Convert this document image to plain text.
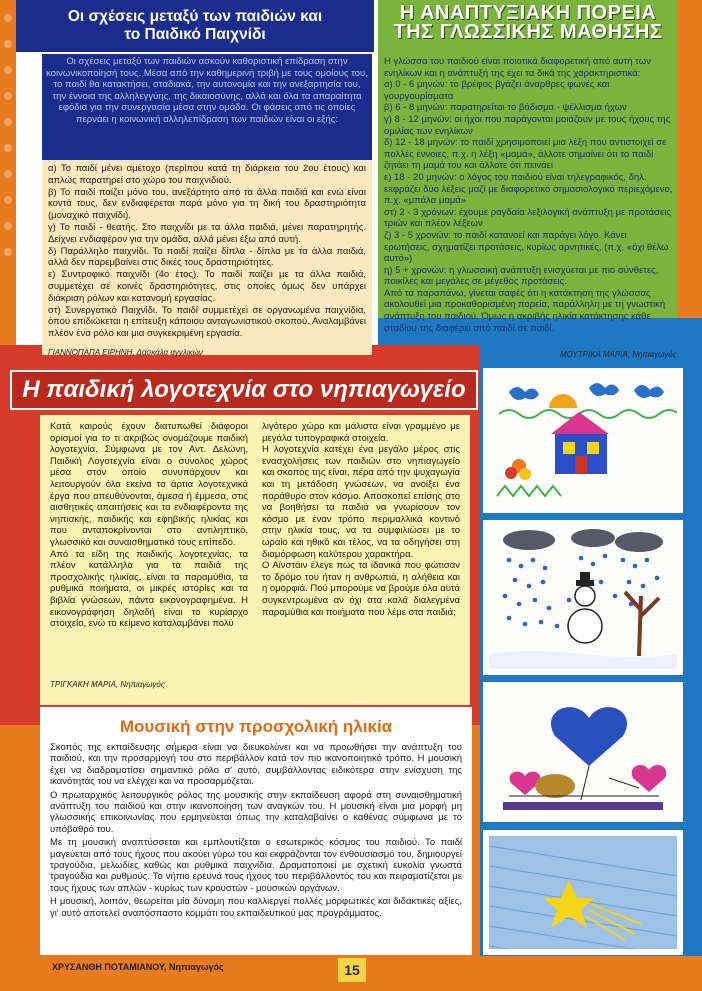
Οι σχέσεις μεταξύ των παιδιών και
το Παιδικό Παιχνίδι
Οι σχέσεις μεταξύ των παιδιών ασκούν καθοριστική επίδραση στην κοινωνικοποίησή τους. Μέσα από την καθημερινή τριβή με τους ομοίους του, το παιδί θα κατακτήσει, σταδιακά, την αυτονομία και την ανεξαρτησία του, την έννοια της αλληλεγγύης, της δικαιοσύνης, αλλά και όλα τα απαραίτητα εφόδια για την συνεργασία μέσα στην ομάδα. Οι φάσεις από τις οποίες περνάει η κοινωνική αλληλεπίδραση των παιδιών είναι οι εξής:

α) Το παιδί μένει αμέτοχο (περίπου κατά τη διάρκεια του 2ου έτους) και απλώς παρατηρεί στο χώρο του παιχνιδιού.

β) Το παιδί παίζει μόνο του, ανεξάρτητο από τα άλλα παιδιά και ενώ είναι κοντά τους, δεν ενδιαφέρεται παρά μόνο για τη δική του δραστηριότητα (μοναχικό παιχνίδι).

γ) Το παιδί - θεατής. Στο παιχνίδι με τα άλλα παιδιά, μένει παρατηρητής. Δείχνει ενδιαφέρον για την ομάδα, αλλά μένει έξω από αυτή.

δ) Παράλληλο παιχνίδι. Το παιδί παίζει δίπλα - δίπλα με τα άλλα παιδιά, αλλά δεν παρεμβαίνει στις δικές τους δραστηριότητες.

ε) Συντροφικό παιχνίδι (4ο έτος). Το παιδί παίζει με τα άλλα παιδιά, συμμετέχει σε κοινές δραστηριότητες, στις οποίες όμως δεν υπάρχει διάκριση ρόλων και κατανομή εργασίας.

στ) Συνεργατικό Παιχνίδι. Το παιδί συμμετέχει σε οργανωμένα παιχνίδια, όπου επιδιώκεται η επίτευξη κάποιου ανταγωνιστικού σκοπού. Αναλαμβάνει πλέον ένα ρόλο και μια συγκεκριμένη εργασία.

ΓΙΑΝΝΟΠΑΠΑ ΕΙΡΗΝΗ, Δασκάλα αγγλικών
Η ΑΝΑΠΤΥΞΙΑΚΗ ΠΟΡΕΙΑ
ΤΗΣ ΓΛΩΣΣΙΚΗΣ ΜΑΘΗΣΗΣ

Η γλώσσα του παιδιού είναι ποιοτικά διαφορετική από αυτή των ενηλίκων και η ανάπτυξή της έχει τα δικά της χαρακτηριστικά:

α) 0 - 6 μηνών: το βρέφος βγάζει άναρθρες φωνές και γουργουρίσματα

β) 6 - 8 μηνών: παρατηρείται το βάδισμα - ψέλλισμα ήχων

γ) 8 - 12 μηνών: οι ήχοι που παράγονται μοιάζουν με τους ήχους της ομιλίας των ενηλίκων

δ) 12 - 18 μηνών: το παιδί χρησιμοποιεί μια λέξη που αντιστοιχεί σε πολλές έννοιες, π.χ. η λέξη «μαμά», άλλοτε σημαίνει ότι το παιδί ζητάει τη μαμά του και άλλοτε ότι πεινάει

ε) 18 - 20 μηνών: ο λόγος του παιδιού είναι τηλεγραφικός, δηλ. εκφράζει δύο λέξεις μαζί με διαφορετικό σημασιολογικό περιεχόμενο, π.χ. «μπάλα μαμά»

στ) 2 - 3 χρόνων: έχουμε ραγδαία λεξιλογική ανάπτυξη με προτάσεις τριών και πλέον λέξεων

ζ) 3 - 5 χρονών: το παιδί κατανοεί και παράγει λόγο. Κάνει ερωτήσεις, σχηματίζει προτάσεις, κυρίως αρνητικές, (π.χ. «όχι θέλω αυτό»)

η) 5 + χρονών: η γλωσσική ανάπτυξη ενισχύεται με πιο σύνθετες, ποικίλες και μεγάλες σε μέγεθος προτάσεις.

Από τα παραπάνω, γίνεται σαφές ότι η κατάκτηση της γλώσσας ακολουθεί μια προκαθορισμένη πορεία, παράλληλη με τη γνωστική ανάπτυξη του παιδιού. Όμως η ακριβής ηλικία κατάκτησης κάθε σταδίου της διαφέρει από παιδί σε παιδί.

ΜΟΥΤΡΙΚΑ ΜΑΡΙΑ, Νηπιαγωγός
Η παιδική λογοτεχνία στο νηπιαγωγείο

Κατά καιρούς έχουν διατυπωθεί διάφοροι ορισμοί για το τι ακριβώς ονομάζουμε παιδική λογοτεχνία. Σύμφωνα με τον Αντ. Δελώνη, Παιδική Λογοτεχνία είναι ο σύνολος χώρος μέσα στον οποίο συνυπάρχουν και λειτουργούν όλα εκείνα τα άρτια λογοτεχνικά έργα που απευθύνονται, άμεσα ή έμμεσα, στις αισθητικές απαιτήσεις και τα ενδιαφέροντα της νηπιακής, παιδικής και εφηβικής ηλικίας και που ανταποκρίνονται στο αντιληπτικό, γλωσσικό και συναισθηματικό τους επίπεδο.

Από τα είδη της παιδικής λογοτεχνίας, τα πλέον κατάλληλα για τα παιδιά της προσχολικής ηλικίας, είναι τα παραμύθια, τα ρυθμικά ποιήματα, οι μικρές ιστορίες και τα βιβλία γνώσεων, πάντα εικονογραφημένα. Η εικονογράφηση δηλαδή είναι το κυρίαρχο στοιχείο, ενώ το κείμενο καταλαμβάνει πολύ

λιγότερο χώρο και μάλιστα είναι γραμμένο με μεγάλα τυπογραφικά στοιχεία.

Η λογοτεχνία κατέχει ένα μεγάλο μέρος στις ενασχολήσεις των παιδιών στο νηπιαγωγείο και σκοπός της είναι, πέρα από την ψυχαγωγία και τη μετάδοση γνώσεων, να ανοίξει ένα παράθυρο στον κόσμο. Αποσκοπεί επίσης στο να βοηθήσει τα παιδιά να γνωρίσουν τον κόσμο με έναν τρόπο περιμαλλικά κοντινό στην ηλικία τους, να τα συμφιλιώσει με το ωραίο και ηθικό και τέλος, να τα οδηγήσει στη διαμόρφωση καλύτερου χαρακτήρα.

Ο Αϊνστάιν έλεγε πως τα ιδανικά που φώτισαν το δρόμο του ήταν η ανθρωπιά, η αλήθεια και η ομορφιά. Πού μπορούμε να βρούμε όλα αυτά συγκεντρωμένα αν όχι στα καλά διαλεγμένα παραμύθια και ποιήματα που λέμε στα παιδιά;

ΤΡΙΓΚΑΚΗ ΜΑΡΙΑ, Νηπιαγωγός
Μουσική στην προσχολική ηλικία

Σκοπός της εκπαίδευσης σήμερα είναι να διευκολύνει και να προωθήσει την ανάπτυξη του παιδιού, και την προσαρμογή του στο περιβάλλον κατά τον πιο ικανοποιητικό τρόπο. Η μουσική έχει να διαδραματίσει σημαντικό ρόλο σ' αυτό, συμβάλλοντας ειδικότερα στην ενίσχυση της ικανότητάς του να ελέγχει και να προσαρμόζεται.

Ο πρωταρχικός λειτουργικός ρόλος της μουσικής στην εκπαίδευση αφορά στη συναισθηματική ανάπτυξη του παιδιού και στην ικανοποίηση των αναγκών του. Η μουσική είναι μια μορφή μη γλωσσικής επικοινωνίας που ερμηνεύεται όπως την καταλαβαίνει ο καθένας σύμφωνα με το υπόβαθρό του.

Με τη μουσική αναπτύσσεται και εμπλουτίζεται ο εσωτερικός κόσμος του παιδιού. Το παιδί μαγεύεται από τους ήχους που ακούει γύρω του και εκφράζονται τον ενθουσιασμό του, δημιουργεί τραγούδια, μελωδίες καθώς και ρυθμικά παιχνίδια. Δραματοποιεί με σχετική ευκολία γνωστά τραγούδια και ρυθμούς. Το νήπιο ερευνά τους ήχους του περιβάλλοντός του και πειραματίζεται με τους ήχους των απλών - κυρίως των κρουστών - μουσικών οργάνων.

Η μουσική, λοιπόν, θεωρείται μία δύναμη που καλλιεργεί πολλές μορφωτικές και διδακτικές αξίες, γι' αυτό αποτελεί αναπόσπαστο κομμάτι του εκπαιδευτικού μας προγράμματος.

ΧΡΥΣΑΝΘΗ ΠΟΤΑΜΙΑΝΟΥ, Νηπιαγωγός	15
